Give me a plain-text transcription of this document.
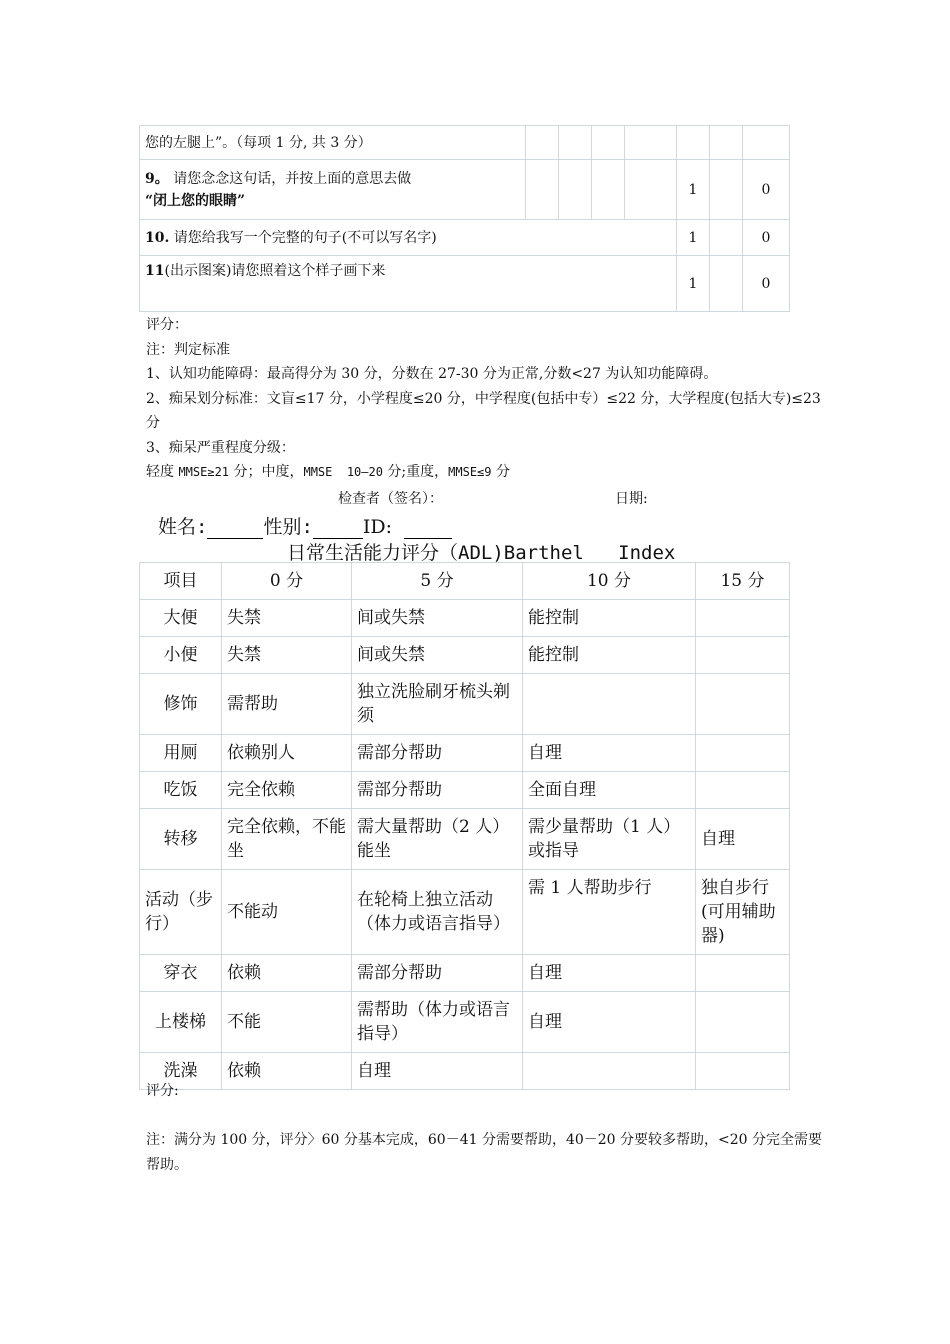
您的左腿上”。（每项 1 分, 共 3 分）							
9。 请您念念这句话，并按上面的意思去做
“闭上您的眼睛”					1		0
10. 请您给我写一个完整的句子(不可以写名字)					1		0
11(出示图案)请您照着这个样子画下来					1		0

评分：

注：判定标准

1、认知功能障碍：最高得分为 30 分，分数在 27-30 分为正常,分数<27 为认知功能障碍。

2、痴呆划分标准：文盲≤17 分，小学程度≤20 分，中学程度(包括中专）≤22 分，大学程度(包括大专)≤23 分

3、痴呆严重程度分级：

轻度 MMSE≥21 分；中度，MMSE  10—20 分;重度，MMSE≤9 分

检查者（签名）：	日期:
姓名:	性别:	ID:
日常生活能力评分（ADL)Barthel   Index
项目	0 分	5 分	10 分	15 分
大便	失禁	间或失禁	能控制	
小便	失禁	间或失禁	能控制	
修饰	需帮助	独立洗脸刷牙梳头剃须		
用厕	依赖别人	需部分帮助	自理	
吃饭	完全依赖	需部分帮助	全面自理	
转移	完全依赖，不能坐	需大量帮助（2 人） 能坐	需少量帮助（1 人）或指导	自理
活动（步行）	不能动	在轮椅上独立活动（体力或语言指导）	需 1 人帮助步行	独自步行(可用辅助器)
穿衣	依赖	需部分帮助	自理	
上楼梯	不能	需帮助（体力或语言指导）	自理	
洗澡	依赖	自理		
评分:
注：满分为 100 分，评分〉60 分基本完成，60－41 分需要帮助，40－20 分要较多帮助，<20 分完全需要帮助。
